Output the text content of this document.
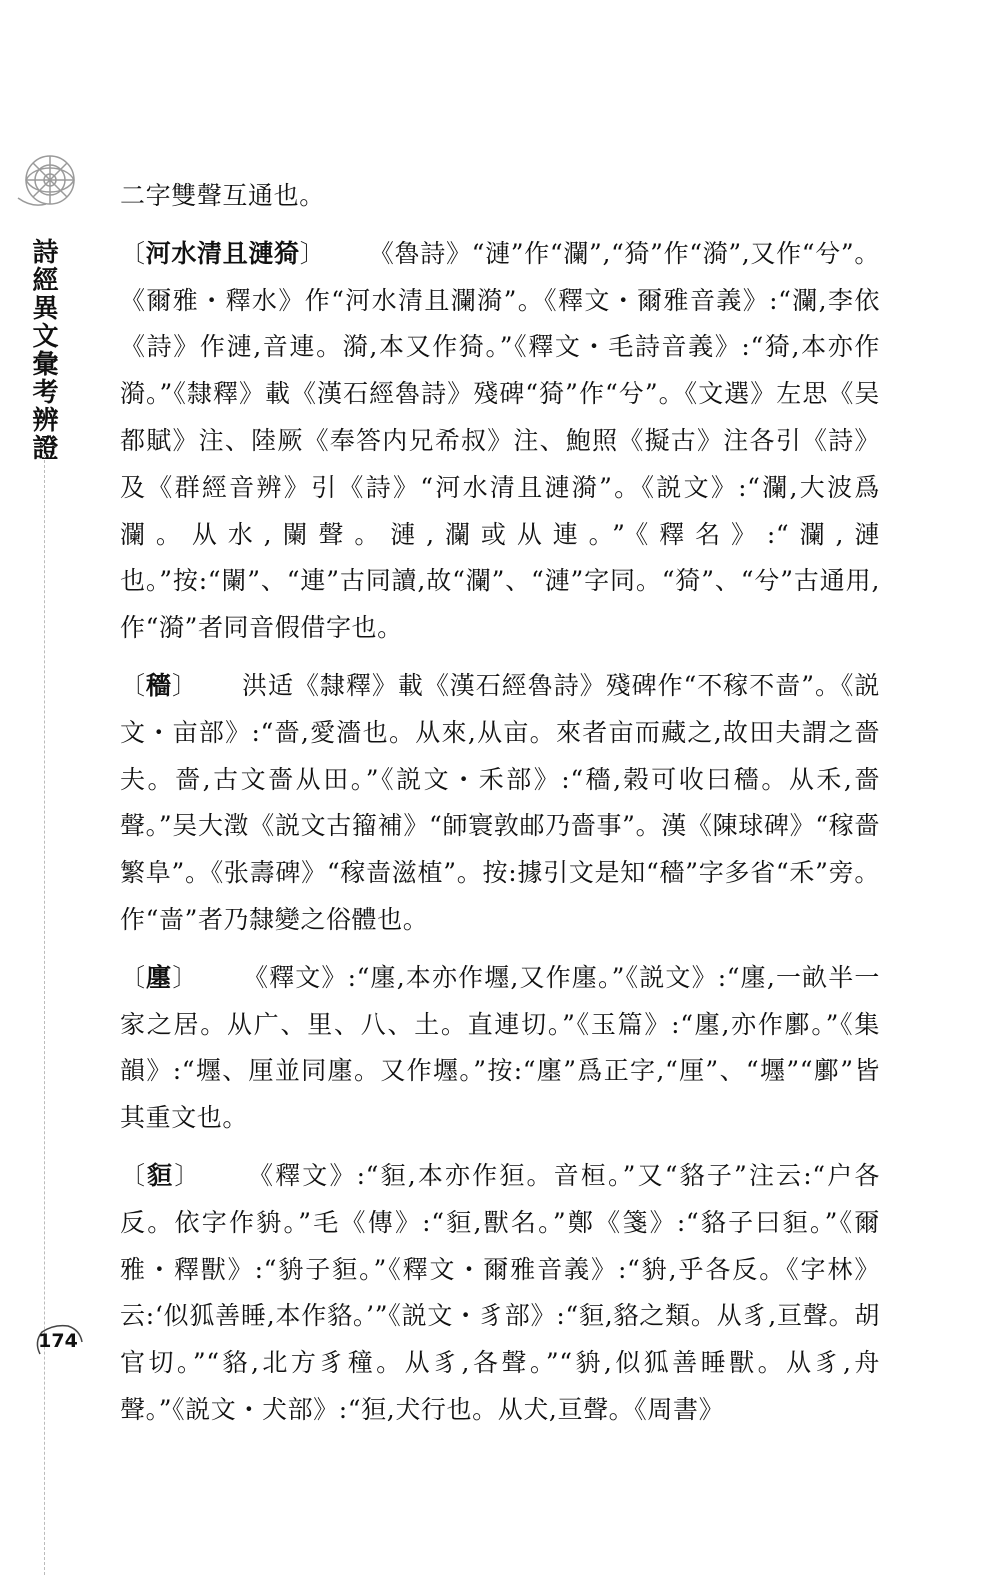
詩經異文彙考辨證
174

二字雙聲互通也。

〔河水清且漣猗〕 《魯詩》“漣”作“瀾”,“猗”作“漪”,又作“兮”。《爾雅・釋水》作“河水清且瀾漪”。《釋文・爾雅音義》:“瀾,李依《詩》作漣,音連。漪,本又作猗。”《釋文・毛詩音義》:“猗,本亦作漪。”《隸釋》載《漢石經魯詩》殘碑“猗”作“兮”。《文選》左思《吴都賦》注、陸厥《奉答内兄希叔》注、鮑照《擬古》注各引《詩》及《群經音辨》引《詩》“河水清且漣漪”。《説文》:“瀾,大波爲瀾。从水,闌聲。漣,瀾或从連。”《釋名》:“瀾,漣也。”按:“闌”、“連”古同讀,故“瀾”、“漣”字同。“猗”、“兮”古通用,作“漪”者同音假借字也。

〔穡〕 洪适《隸釋》載《漢石經魯詩》殘碑作“不稼不啬”。《説文・亩部》:“嗇,愛濇也。从來,从亩。來者亩而藏之,故田夫謂之嗇夫。嗇,古文嗇从田。”《説文・禾部》:“穡,榖可收曰穡。从禾,嗇聲。”吴大澂《説文古籀補》“師寰敦邮乃嗇事”。漢《陳球碑》“稼嗇繁阜”。《张壽碑》“稼啬滋植”。按:據引文是知“穡”字多省“禾”旁。作“啬”者乃隸變之俗體也。

〔廛〕 《釋文》:“廛,本亦作壥,又作廛。”《説文》:“廛,一畝半一家之居。从广、里、八、土。直連切。”《玉篇》:“廛,亦作鄽。”《集韻》:“壥、厘並同廛。又作壥。”按:“廛”爲正字,“厘”、“壥”“鄽”皆其重文也。

〔貆〕 《釋文》:“貆,本亦作狟。音桓。”又“貉子”注云:“户各反。依字作貈。”毛《傳》:“貆,獸名。”鄭《箋》:“貉子曰貆。”《爾雅・釋獸》:“貈子貆。”《釋文・爾雅音義》:“貈,乎各反。《字林》云:‘似狐善睡,本作貉。’”《説文・豸部》:“貆,貉之類。从豸,亘聲。胡官切。”“貉,北方豸穜。从豸,各聲。”“貈,似狐善睡獸。从豸,舟聲。”《説文・犬部》:“狟,犬行也。从犬,亘聲。《周書》
